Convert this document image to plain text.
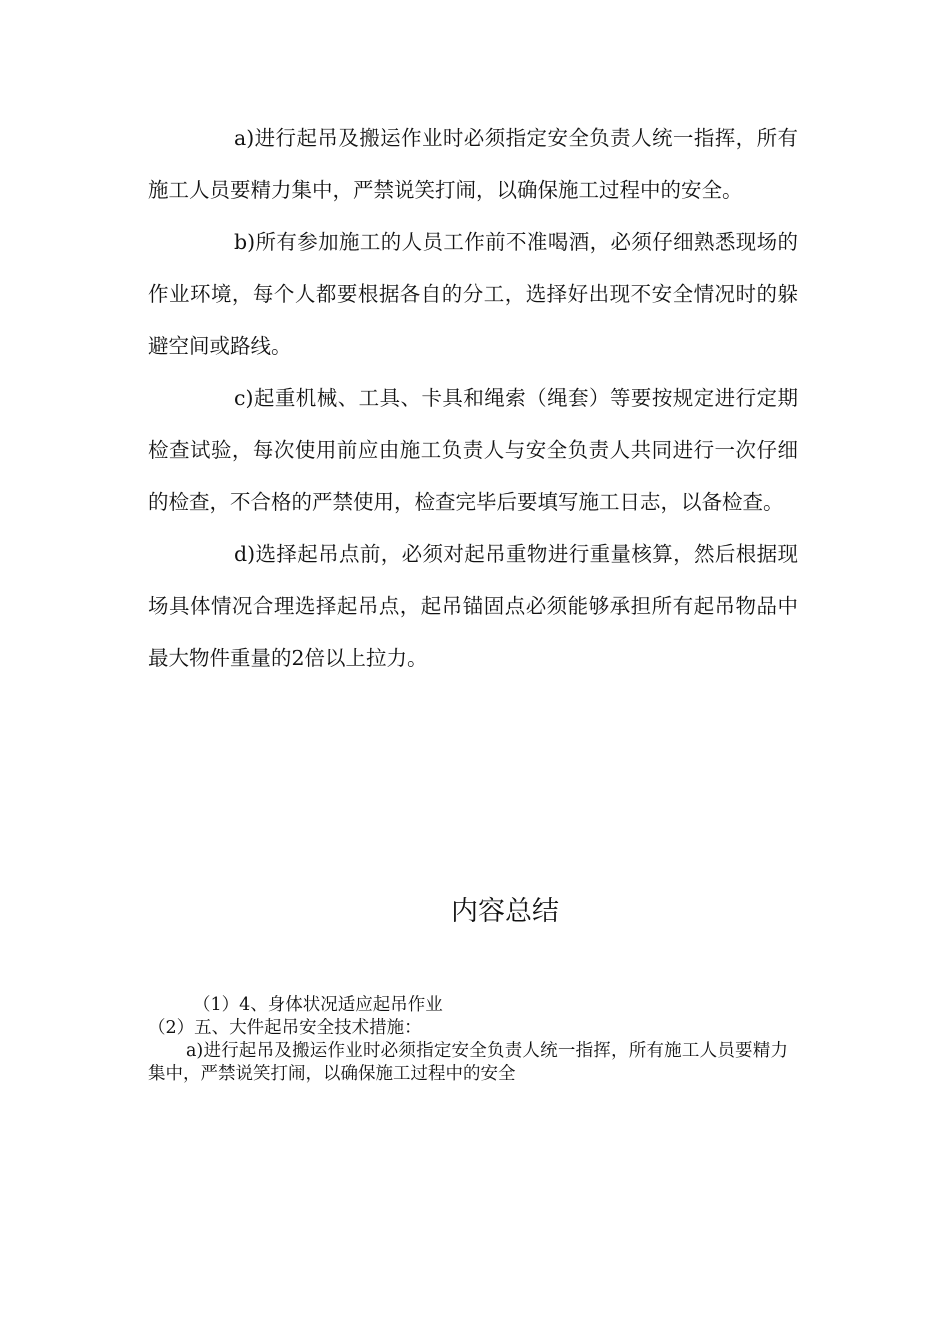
a)进行起吊及搬运作业时必须指定安全负责人统一指挥，所有施工人员要精力集中，严禁说笑打闹，以确保施工过程中的安全。

b)所有参加施工的人员工作前不准喝酒，必须仔细熟悉现场的作业环境，每个人都要根据各自的分工，选择好出现不安全情况时的躲避空间或路线。

c)起重机械、工具、卡具和绳索（绳套）等要按规定进行定期检查试验，每次使用前应由施工负责人与安全负责人共同进行一次仔细的检查，不合格的严禁使用，检查完毕后要填写施工日志，以备检查。

d)选择起吊点前，必须对起吊重物进行重量核算，然后根据现场具体情况合理选择起吊点，起吊锚固点必须能够承担所有起吊物品中最大物件重量的2倍以上拉力。

内容总结

（1）4、身体状况适应起吊作业

（2）五、大件起吊安全技术措施：

a)进行起吊及搬运作业时必须指定安全负责人统一指挥，所有施工人员要精力集中，严禁说笑打闹，以确保施工过程中的安全
